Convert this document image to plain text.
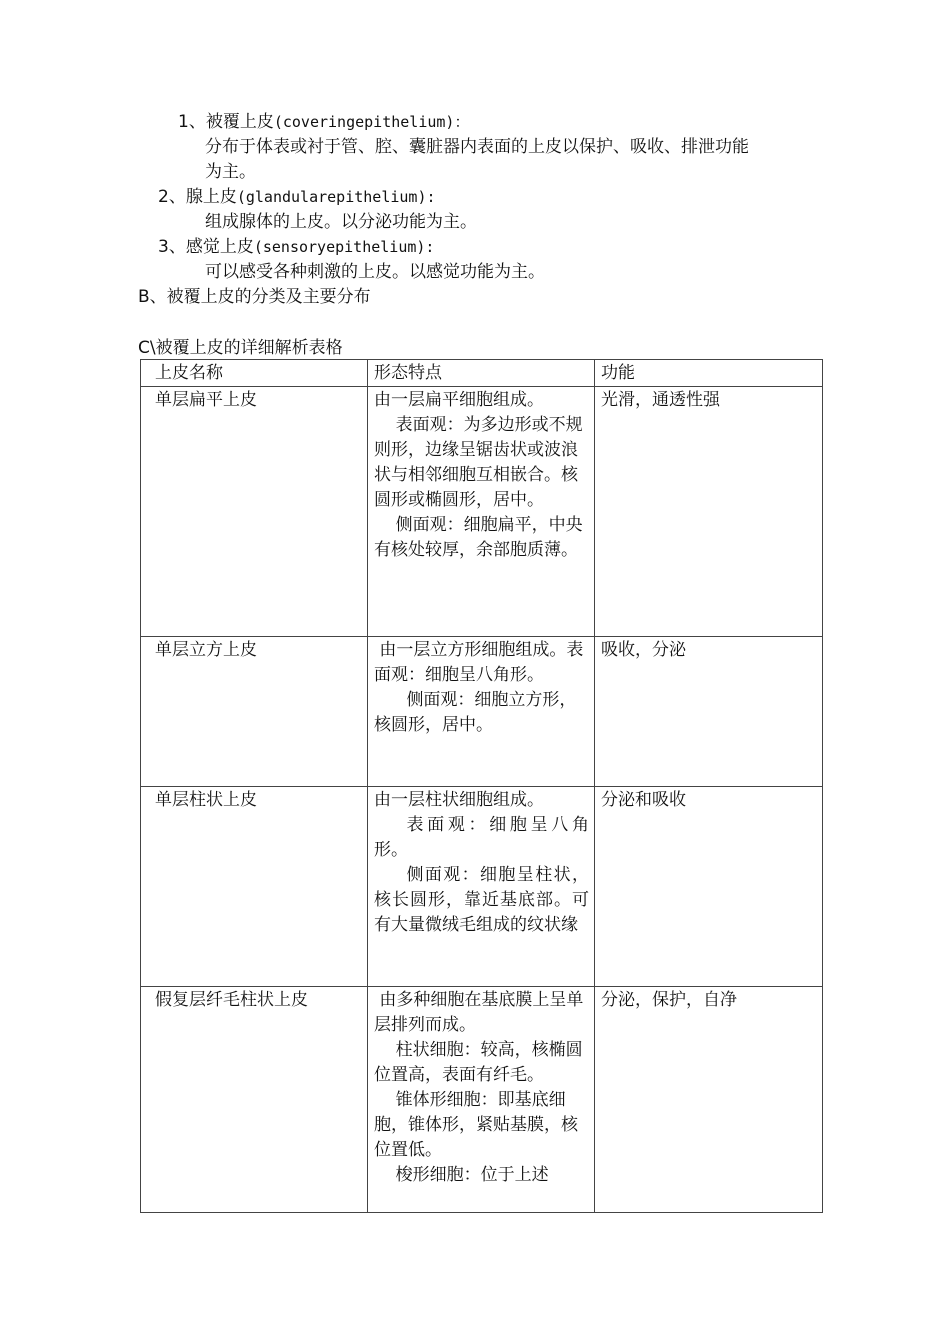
1、被覆上皮(coveringepithelium)：
分布于体表或衬于管、腔、囊脏器内表面的上皮以保护、吸收、排泄功能
为主。
2、腺上皮(glandularepithelium):
组成腺体的上皮。以分泌功能为主。
3、感觉上皮(sensoryepithelium):
可以感受各种刺激的上皮。以感觉功能为主。
B、被覆上皮的分类及主要分布
C\被覆上皮的详细解析表格
上皮名称	形态特点	功能
单层扁平上皮	由一层扁平细胞组成。
表面观：为多边形或不规则形，边缘呈锯齿状或波浪状与相邻细胞互相嵌合。核圆形或椭圆形，居中。
侧面观：细胞扁平，中央有核处较厚，余部胞质薄。	光滑，通透性强
单层立方上皮	由一层立方形细胞组成。表面观：细胞呈八角形。
侧面观：细胞立方形，核圆形，居中。	吸收，分泌
单层柱状上皮	由一层柱状细胞组成。
表面观：细胞呈八角形。
侧面观：细胞呈柱状，核长圆形，靠近基底部。可有大量微绒毛组成的纹状缘	分泌和吸收
假复层纤毛柱状上皮	由多种细胞在基底膜上呈单层排列而成。
柱状细胞：较高，核椭圆位置高，表面有纤毛。
锥体形细胞：即基底细胞，锥体形，紧贴基膜，核位置低。
梭形细胞：位于上述	分泌，保护，自净
